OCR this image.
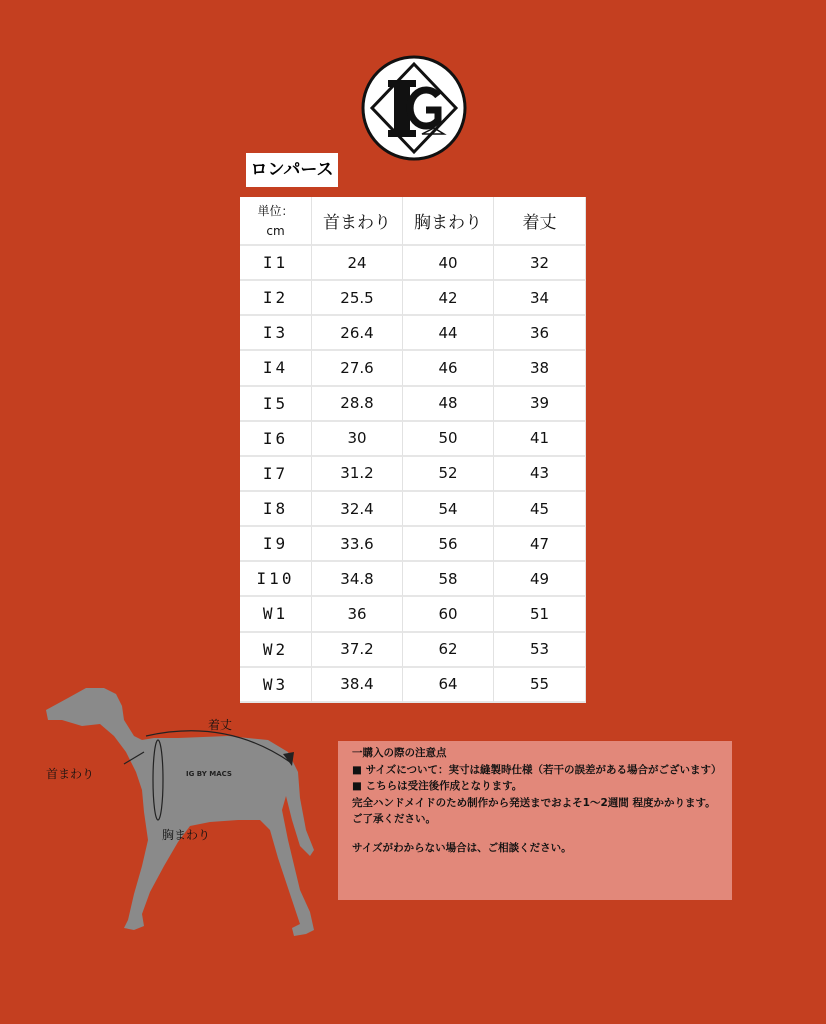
ロンパース
単位：
cm	首まわり	胸まわり	着丈
I1	24	40	32
I2	25.5	42	34
I3	26.4	44	36
I4	27.6	46	38
I5	28.8	48	39
I6	30	50	41
I7	31.2	52	43
I8	32.4	54	45
I9	33.6	56	47
I10	34.8	58	49
W1	36	60	51
W2	37.2	62	53
W3	38.4	64	55
IG BY MACS
着丈
首まわり
胸まわり

一購入の際の注意点

■ サイズについて：実寸は縫製時仕様（若干の誤差がある場合がございます）

■ こちらは受注後作成となります。

完全ハンドメイドのため制作から発送までおよそ1〜2週間 程度かかります。

ご了承ください。

サイズがわからない場合は、ご相談ください。
